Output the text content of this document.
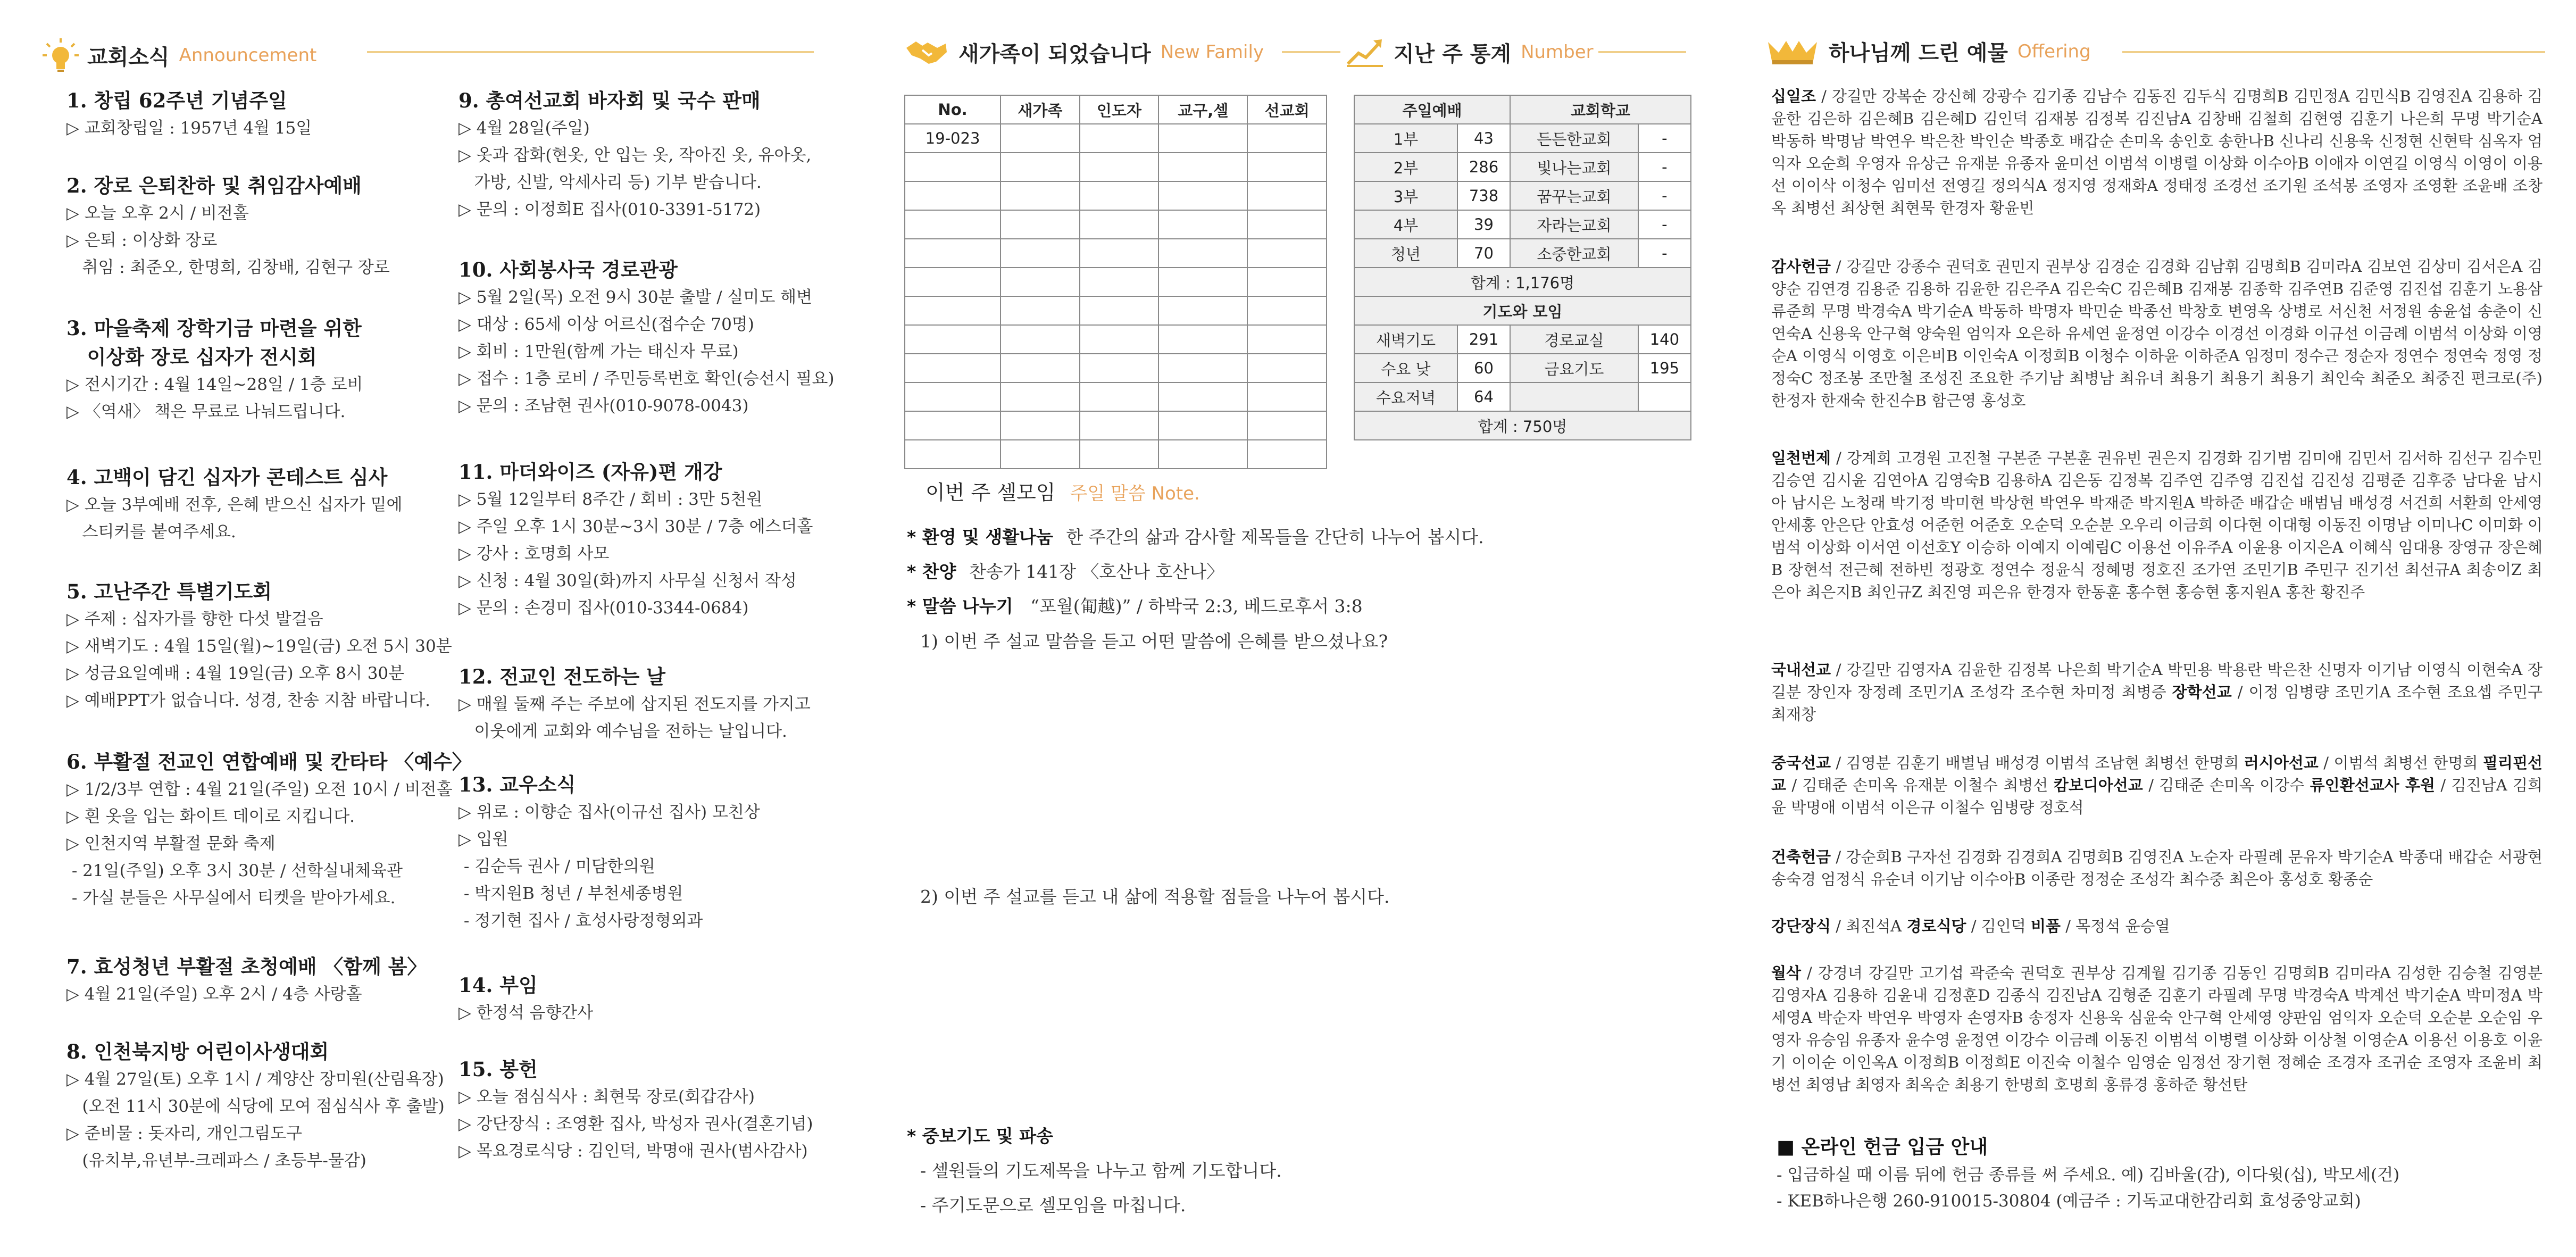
교회소식 Announcement
1. 창립 62주년 기념주일
▷ 교회창립일 : 1957년 4월 15일
2. 장로 은퇴찬하 및 취임감사예배
▷ 오늘 오후 2시 / 비전홀
▷ 은퇴 : 이상화 장로
취임 : 최준오, 한명희, 김창배, 김현구 장로
3. 마을축제 장학기금 마련을 위한
이상화 장로 십자가 전시회
▷ 전시기간 : 4월 14일~28일 / 1층 로비
▷ 〈역새〉 책은 무료로 나눠드립니다.
4. 고백이 담긴 십자가 콘테스트 심사
▷ 오늘 3부예배 전후, 은혜 받으신 십자가 밑에
스티커를 붙여주세요.
5. 고난주간 특별기도회
▷ 주제 : 십자가를 향한 다섯 발걸음
▷ 새벽기도 : 4월 15일(월)~19일(금) 오전 5시 30분
▷ 성금요일예배 : 4월 19일(금) 오후 8시 30분
▷ 예배PPT가 없습니다. 성경, 찬송 지참 바랍니다.
6. 부활절 전교인 연합예배 및 칸타타 〈예수〉
▷ 1/2/3부 연합 : 4월 21일(주일) 오전 10시 / 비전홀
▷ 흰 옷을 입는 화이트 데이로 지킵니다.
▷ 인천지역 부활절 문화 축제
- 21일(주일) 오후 3시 30분 / 선학실내체육관
- 가실 분들은 사무실에서 티켓을 받아가세요.
7. 효성청년 부활절 초청예배 〈함께 봄〉
▷ 4월 21일(주일) 오후 2시 / 4층 사랑홀
8. 인천북지방 어린이사생대회
▷ 4월 27일(토) 오후 1시 / 계양산 장미원(산림욕장)
(오전 11시 30분에 식당에 모여 점심식사 후 출발)
▷ 준비물 : 돗자리, 개인그림도구
(유치부,유년부-크레파스 / 초등부-물감)
9. 총여선교회 바자회 및 국수 판매
▷ 4월 28일(주일)
▷ 옷과 잡화(현옷, 안 입는 옷, 작아진 옷, 유아옷,
가방, 신발, 악세사리 등) 기부 받습니다.
▷ 문의 : 이정희E 집사(010-3391-5172)
10. 사회봉사국 경로관광
▷ 5월 2일(목) 오전 9시 30분 출발 / 실미도 해변
▷ 대상 : 65세 이상 어르신(접수순 70명)
▷ 회비 : 1만원(함께 가는 태신자 무료)
▷ 접수 : 1층 로비 / 주민등록번호 확인(승선시 필요)
▷ 문의 : 조남현 권사(010-9078-0043)
11. 마더와이즈 (자유)편 개강
▷ 5월 12일부터 8주간 / 회비 : 3만 5천원
▷ 주일 오후 1시 30분~3시 30분 / 7층 에스더홀
▷ 강사 : 호명희 사모
▷ 신청 : 4월 30일(화)까지 사무실 신청서 작성
▷ 문의 : 손경미 집사(010-3344-0684)
12. 전교인 전도하는 날
▷ 매월 둘째 주는 주보에 삽지된 전도지를 가지고
이웃에게 교회와 예수님을 전하는 날입니다.
13. 교우소식
▷ 위로 : 이향순 집사(이규선 집사) 모친상
▷ 입원
- 김순득 권사 / 미담한의원
- 박지원B 청년 / 부천세종병원
- 정기현 집사 / 효성사랑정형외과
14. 부임
▷ 한정석 음향간사
15. 봉헌
▷ 오늘 점심식사 : 최현묵 장로(회갑감사)
▷ 강단장식 : 조영환 집사, 박성자 권사(결혼기념)
▷ 목요경로식당 : 김인덕, 박명애 권사(범사감사)
새가족이 되었습니다 New Family
No.	새가족	인도자	교구,셀	선교회
19-023				

지난 주 통계 Number
주일예배		교회학교	
1부	43	든든한교회	-
2부	286	빛나는교회	-
3부	738	꿈꾸는교회	-
4부	39	자라는교회	-
청년	70	소중한교회	-
합계 : 1,176명			
기도와 모임			
새벽기도	291	경로교실	140
수요 낮	60	금요기도	195
수요저녁	64		
합계 : 750명			
이번 주 셀모임 주일 말씀 Note.
* 환영 및 생활나눔 한 주간의 삶과 감사할 제목들을 간단히 나누어 봅시다.
* 찬양 찬송가 141장 〈호산나 호산나〉
* 말씀 나누기 “포월(匍越)” / 하박국 2:3, 베드로후서 3:8
1) 이번 주 설교 말씀을 듣고 어떤 말씀에 은혜를 받으셨나요?
2) 이번 주 설교를 듣고 내 삶에 적용할 점들을 나누어 봅시다.
* 중보기도 및 파송
- 셀원들의 기도제목을 나누고 함께 기도합니다.
- 주기도문으로 셀모임을 마칩니다.
하나님께 드린 예물 Offering
십일조 / 강길만 강복순 강신혜 강광수 김기종 김남수 김동진 김두식 김명희B 김민정A 김민식B 김영진A 김용하 김윤한 김은하 김은혜B 김은혜D 김인덕 김재봉 김정복 김진남A 김창배 김철희 김현영 김훈기 나은희 무명 박기순A 박동하 박명남 박연우 박은찬 박인순 박종호 배갑순 손미옥 송인호 송한나B 신나리 신용욱 신정현 신현탁 심옥자 엄익자 오순희 우영자 유상근 유재분 유종자 윤미선 이범석 이병렬 이상화 이수아B 이애자 이연길 이영식 이영이 이용선 이이삭 이청수 임미선 전영길 정의식A 정지영 정재화A 정태정 조경선 조기원 조석봉 조영자 조영환 조윤배 조창옥 최병선 최상현 최현묵 한경자 황윤빈
감사헌금 / 강길만 강종수 권덕호 권민지 권부상 김경순 김경화 김남휘 김명희B 김미라A 김보연 김상미 김서은A 김양순 김연경 김용준 김용하 김윤한 김은주A 김은숙C 김은혜B 김재봉 김종학 김주연B 김준영 김진섭 김훈기 노용삼 류준희 무명 박경숙A 박기순A 박동하 박명자 박민순 박종선 박창호 변영옥 상병로 서신천 서정원 송윤섭 송춘이 신연숙A 신용욱 안구혁 양숙원 엄익자 오은하 유세연 윤정연 이강수 이경선 이경화 이규선 이금례 이범석 이상화 이영순A 이영식 이영호 이은비B 이인숙A 이정희B 이청수 이하윤 이하준A 임정미 정수근 정순자 정연수 정연숙 정영 정정숙C 정조봉 조만철 조성진 조요한 주기남 최병남 최유녀 최용기 최용기 최용기 최인숙 최준오 최중진 편크로(주) 한정자 한재숙 한진수B 함근영 홍성호
일천번제 / 강계희 고경원 고진철 구본준 구본훈 권유빈 권은지 김경화 김기범 김미애 김민서 김서하 김선구 김수민 김승연 김시윤 김연아A 김영숙B 김용하A 김은동 김정복 김주연 김주영 김진섭 김진성 김평준 김후중 남다윤 남시아 남시은 노청래 박기정 박미현 박상현 박연우 박재준 박지원A 박하준 배갑순 배범님 배성경 서건희 서환희 안세영 안세홍 안은단 안효성 어준헌 어준호 오순덕 오순분 오우리 이금희 이다현 이대형 이동진 이명남 이미나C 이미화 이범석 이상화 이서연 이선호Y 이승하 이예지 이예림C 이용선 이유주A 이윤용 이지은A 이혜식 임대용 장영규 장은혜B 장현석 전근혜 전하빈 정광호 정연수 정윤식 정혜명 정호진 조가연 조민기B 주민구 진기선 최선규A 최송이Z 최은아 최은지B 최인규Z 최진영 피은유 한경자 한동훈 홍수현 홍승현 홍지원A 홍찬 황진주
국내선교 / 강길만 김영자A 김윤한 김정복 나은희 박기순A 박민용 박용란 박은찬 신명자 이기남 이영식 이현숙A 장길분 장인자 장정례 조민기A 조성각 조수현 차미정 최병증 장학선교 / 이정 임병량 조민기A 조수현 조요셉 주민구 최재창
중국선교 / 김영분 김훈기 배별님 배성경 이범석 조남현 최병선 한명희 러시아선교 / 이범석 최병선 한명희 필리핀선교 / 김태준 손미옥 유재분 이철수 최병선 캄보디아선교 / 김태준 손미옥 이강수 류인환선교사 후원 / 김진남A 김희윤 박명애 이범석 이은규 이철수 임병량 정호석
건축헌금 / 강순희B 구자선 김경화 김경희A 김명희B 김영진A 노순자 라필례 문유자 박기순A 박종대 배갑순 서광현 송숙경 엄정식 유순녀 이기남 이수아B 이종란 정정순 조성각 최수중 최은아 홍성호 황종순
강단장식 / 최진석A 경로식당 / 김인덕 비품 / 목정석 윤승열
월삭 / 강경녀 강길만 고기섭 곽준숙 권덕호 권부상 김계월 김기종 김동인 김명희B 김미라A 김성한 김승철 김영분 김영자A 김용하 김윤내 김정훈D 김종식 김진남A 김형준 김훈기 라필례 무명 박경숙A 박계선 박기순A 박미정A 박세영A 박순자 박연우 박영자 손영자B 송정자 신용욱 심윤숙 안구혁 안세영 양판임 엄익자 오순덕 오순분 오순임 우영자 유승임 유종자 윤수영 윤정연 이강수 이금례 이동진 이범석 이병렬 이상화 이상철 이영순A 이용선 이용호 이윤기 이이순 이인옥A 이정희B 이정희E 이진숙 이철수 임영순 임정선 장기현 정혜순 조경자 조귀순 조영자 조윤비 최병선 최영남 최영자 최옥순 최용기 한명희 호명희 홍류경 홍하준 황선탄
■ 온라인 헌금 입금 안내
- 입금하실 때 이름 뒤에 헌금 종류를 써 주세요. 예) 김바울(감), 이다윗(십), 박모세(건)
- KEB하나은행 260-910015-30804 (예금주 : 기독교대한감리회 효성중앙교회)
